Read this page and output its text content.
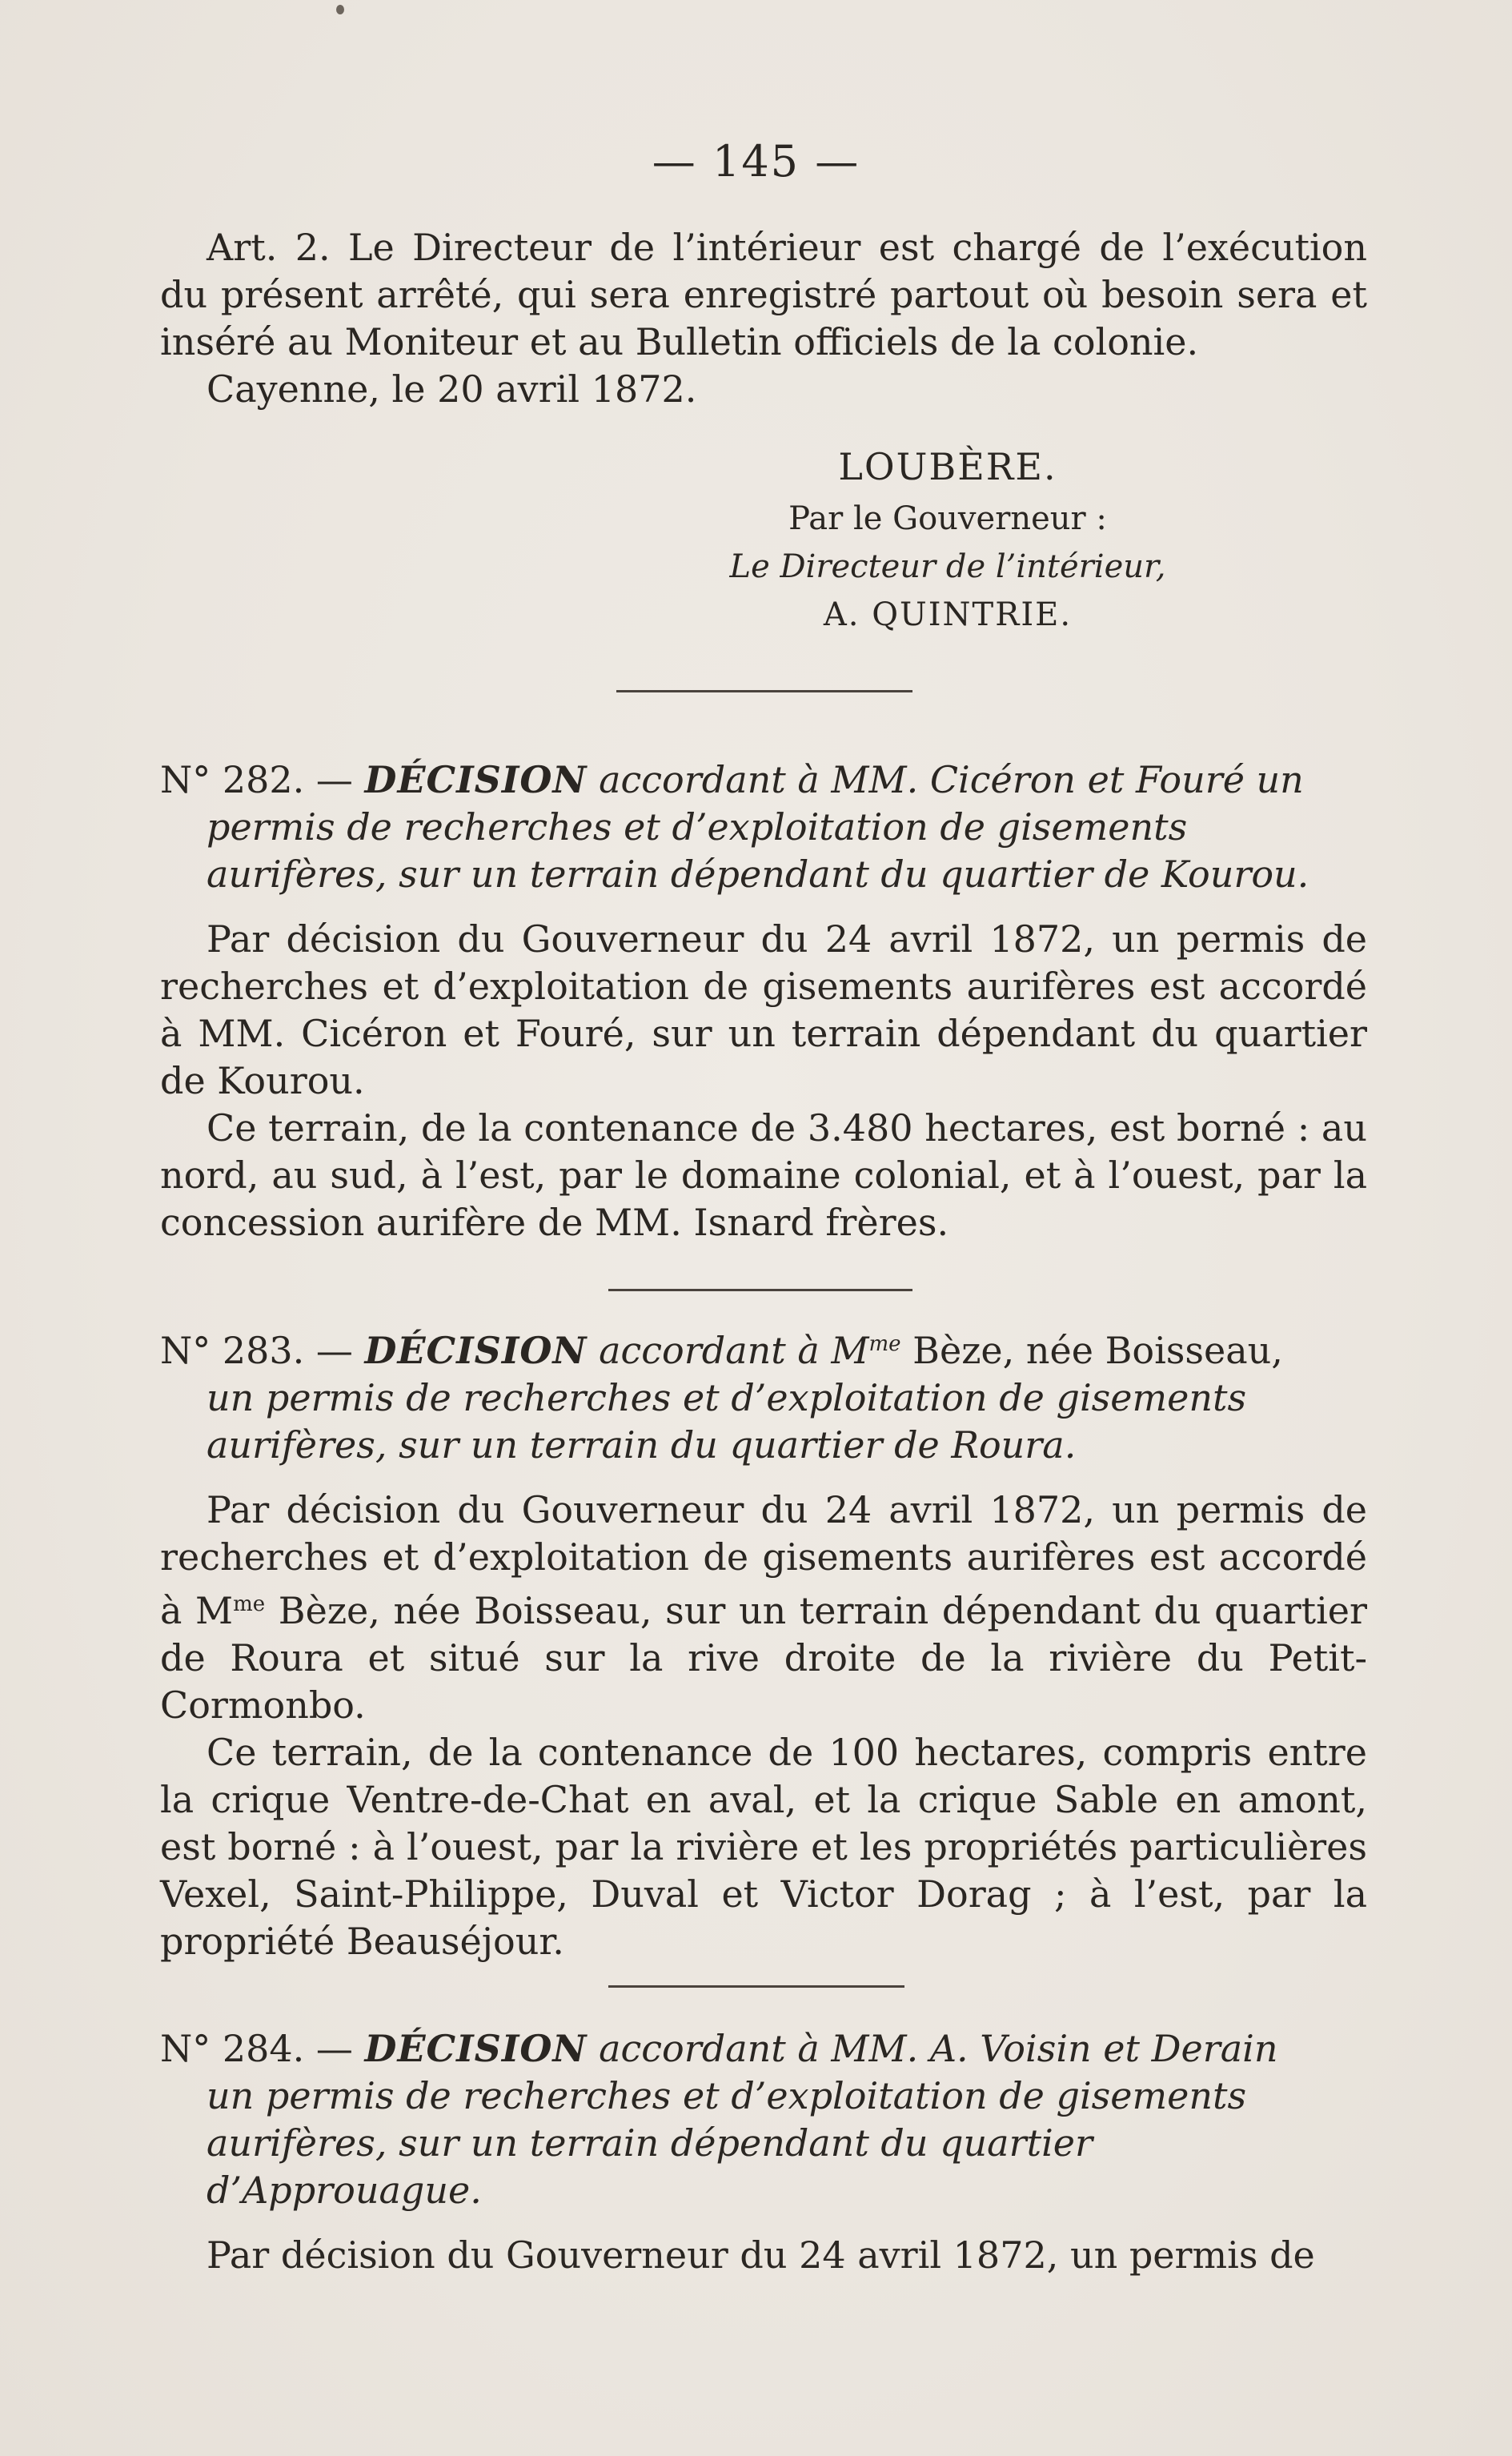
— 145 —

Art. 2. Le Directeur de l’intérieur est chargé de l’exécution du présent arrêté, qui sera enregistré partout où besoin sera et inséré au Moniteur et au Bulletin officiels de la colonie.

Cayenne, le 20 avril 1872.

LOUBÈRE.
Par le Gouverneur :
Le Directeur de l’intérieur,
A. QUINTRIE.
N° 282. — DÉCISION accordant à MM. Cicéron et Fouré un
permis de recherches et d’exploitation de gisements aurifères, sur un terrain dépendant du quartier de Kourou.

Par décision du Gouverneur du 24 avril 1872, un permis de recherches et d’exploitation de gisements aurifères est accordé à MM. Cicéron et Fouré, sur un terrain dépendant du quartier de Kourou.

Ce terrain, de la contenance de 3.480 hectares, est borné : au nord, au sud, à l’est, par le domaine colonial, et à l’ouest, par la concession aurifère de MM. Isnard frères.

N° 283. — DÉCISION accordant à $M^{me}$ Bèze, née Boisseau,
un permis de recherches et d’exploitation de gisements aurifères, sur un terrain du quartier de Roura.

Par décision du Gouverneur du 24 avril 1872, un permis de recherches et d’exploitation de gisements aurifères est accordé à $M^{me}$ Bèze, née Boisseau, sur un terrain dépendant du quartier de Roura et situé sur la rive droite de la rivière du Petit-Cormonbo.

Ce terrain, de la contenance de 100 hectares, compris entre la crique Ventre-de-Chat en aval, et la crique Sable en amont, est borné : à l’ouest, par la rivière et les propriétés particulières Vexel, Saint-Philippe, Duval et Victor Dorag ; à l’est, par la propriété Beauséjour.

N° 284. — DÉCISION accordant à MM. A. Voisin et Derain
un permis de recherches et d’exploitation de gisements aurifères, sur un terrain dépendant du quartier d’Approuague.

Par décision du Gouverneur du 24 avril 1872, un permis de
